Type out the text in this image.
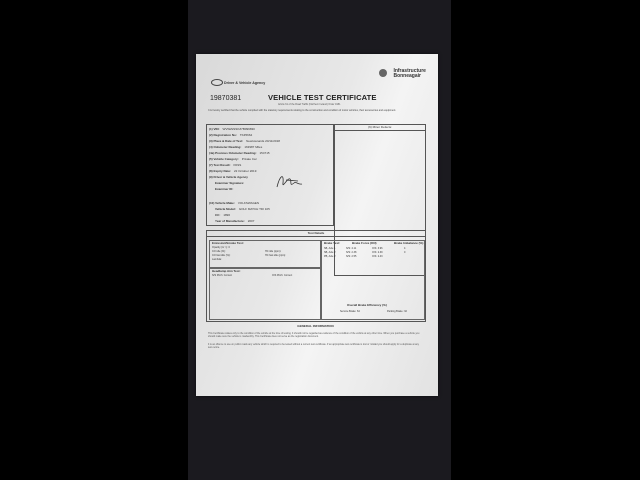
Driver & Vehicle Agency

Infrastructure
Bonneagair
19870381	VEHICLE TEST CERTIFICATE
Article 61 of the Road Traffic (Northern Ireland) Order 1981
It is hereby certified that the vehicle complied with the statutory requirements relating to the construction and condition of motor vehicles, their accessories and equipment.
(1) VIN: WVWZZZ1KZ7B099830
(2) Registration No: TKZ5664
(3) Place & Date of Test: Newtownards 20/11/2018
(4) Odometer Reading: 163987 Miles
(4a) Previous Odometer Reading: 154715
(5) Vehicle Category: Private Car
(7) Test Result: PASS
(8) Expiry Date: 22 October 2019
(9) Driver & Vehicle Agency
Examiner Signature:
Examiner ID:
(10) Vehicle Make: VOLKSWAGEN
Vehicle Model: GOLF MATCH TDI 105
CC: 1896
Year of Manufacture: 2007
(6) Minor Defects:
Test Details
Emission/Smoke Test:
Opacity (m⁻¹): 0
CO idle (%):	HC idle (ppm):
CO fast idle (%):	HC fast idle (ppm):
Lambda:
Headlamp Aim Test:
N/S Pitch: Correct	O/S Pitch: Correct
Brake Test:	Brake Force (KN)	Brake Imbalance (%)
SB, Axle 1	N/S: 4.11	O/S: 3.96	4
SB, Axle 2	N/S: 2.38	O/S: 2.39	0
PB, Axle 2	N/S: 2.55	O/S: 2.43
Overall Brake Efficiency (%)
Service Brake: 64	Parking Brake: 32
GENERAL INFORMATION
This Certificate relates only to the condition of the vehicle at the time of testing. It should not be regarded as evidence of the condition of the vehicle at any other time. When you purchase a vehicle you should make sure the vehicle is roadworthy. This Certificate does not serve as the registration document.
It is an offence to use on public roads any vehicle which is required to be tested without a current test certificate. If an appropriate test certificate is lost or mislaid you should apply for a duplicate at any test centre.
